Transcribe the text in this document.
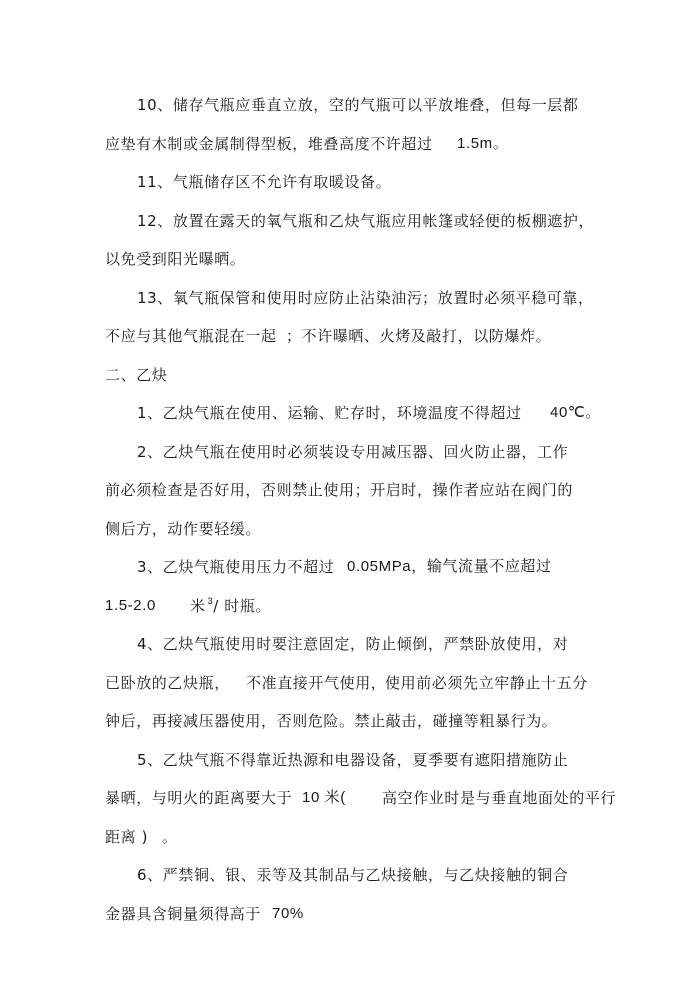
10、储存气瓶应垂直立放，空的气瓶可以平放堆叠，但每一层都
应垫有木制或金属制得型板，堆叠高度不许超过 1.5m。
11、气瓶储存区不允许有取暖设备。
12、放置在露天的氧气瓶和乙炔气瓶应用帐篷或轻便的板棚遮护，
以免受到阳光曝晒。
13、氧气瓶保管和使用时应防止沾染油污 ；放置时必须平稳可靠，
不应与其他气瓶混在一起 ；不许曝晒、火烤及敲打，以防爆炸。
二、乙炔
1、乙炔气瓶在使用、运输、贮存时，环境温度不得超过 40℃。
2、乙炔气瓶在使用时必须装设专用减压器、回火防止器，工作
前必须检查是否好用，否则禁止使用；开启时，操作者应站在阀门的
侧后方，动作要轻缓。
3、乙炔气瓶使用压力不超过 0.05MPa，输气流量不应超过
1.5-2.0 米 $^3$/ 时瓶。
4、乙炔气瓶使用时要注意固定，防止倾倒，严禁卧放使用，对
已卧放的乙炔瓶， 不准直接开气使用，
使用前必须先立牢静止十五分
钟后，再接减压器使用，否则危险。禁止敲击，碰撞等粗暴行为。
5、乙炔气瓶不得靠近热源和电器设备，夏季要有遮阳措施防止
暴晒，与明火的距离要大于 10 米( 高空作业时是与垂直地面处的平行
距离 ) 。
6、严禁铜、银、汞等及其制品与乙炔接触，与乙炔接触的铜合
金器具含铜量须得高于 70%
